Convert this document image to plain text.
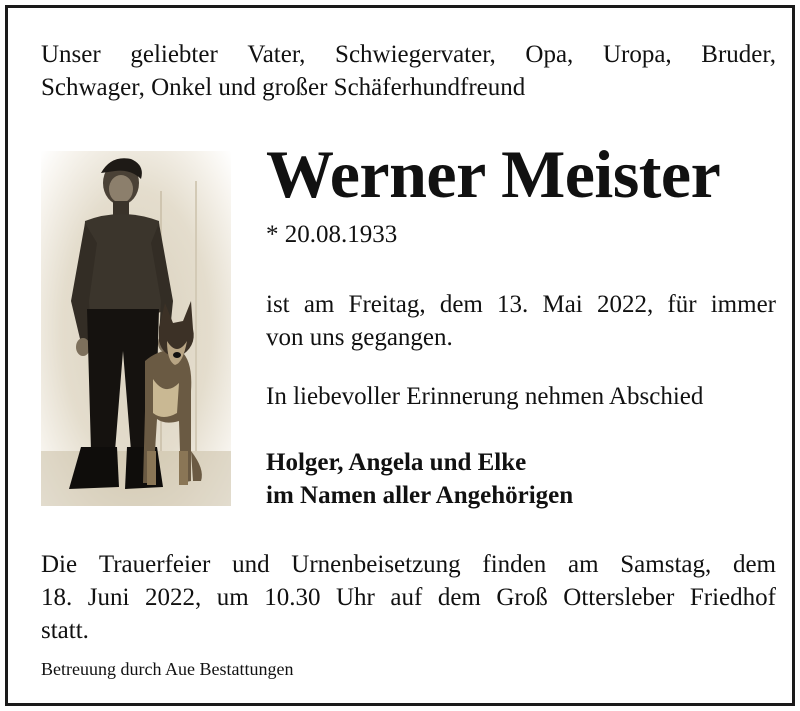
Unser geliebter Vater, Schwiegervater, Opa, Uropa, Bruder,
Schwager, Onkel und großer Schäferhundfreund
Werner Meister
* 20.08.1933
ist am Freitag, dem 13. Mai 2022, für immer
von uns gegangen.
In liebevoller Erinnerung nehmen Abschied
Holger, Angela und Elke
im Namen aller Angehörigen
Die Trauerfeier und Urnenbeisetzung finden am Samstag, dem
18. Juni 2022, um 10.30 Uhr auf dem Groß Ottersleber Friedhof
statt.
Betreuung durch Aue Bestattungen
